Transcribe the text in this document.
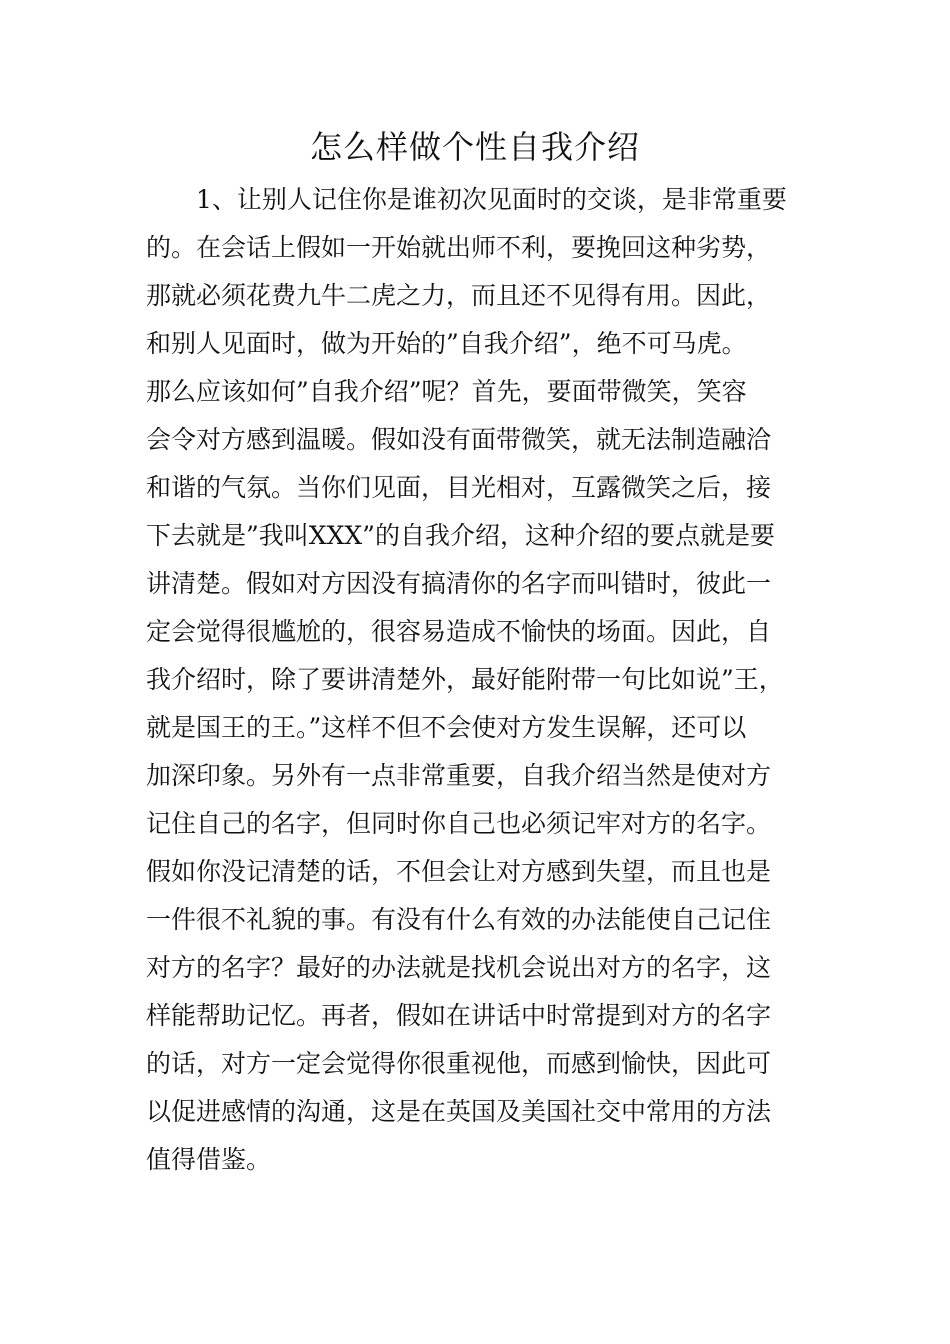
怎么样做个性自我介绍
1、让别人记住你是谁初次见面时的交谈，是非常重要
的。在会话上假如一开始就出师不利，要挽回这种劣势，
那就必须花费九牛二虎之力，而且还不见得有用。因此，
和别人见面时，做为开始的”自我介绍”，绝不可马虎。
那么应该如何”自我介绍”呢？首先，要面带微笑，笑容
会令对方感到温暖。假如没有面带微笑，就无法制造融洽
和谐的气氛。当你们见面，目光相对，互露微笑之后，接
下去就是”我叫XXX”的自我介绍，这种介绍的要点就是要
讲清楚。假如对方因没有搞清你的名字而叫错时，彼此一
定会觉得很尴尬的，很容易造成不愉快的场面。因此，自
我介绍时，除了要讲清楚外，最好能附带一句比如说”王，
就是国王的王。”这样不但不会使对方发生误解，还可以
加深印象。另外有一点非常重要，自我介绍当然是使对方
记住自己的名字，但同时你自己也必须记牢对方的名字。
假如你没记清楚的话，不但会让对方感到失望，而且也是
一件很不礼貌的事。有没有什么有效的办法能使自己记住
对方的名字？最好的办法就是找机会说出对方的名字，这
样能帮助记忆。再者，假如在讲话中时常提到对方的名字
的话，对方一定会觉得你很重视他，而感到愉快，因此可
以促进感情的沟通，这是在英国及美国社交中常用的方法
值得借鉴。
